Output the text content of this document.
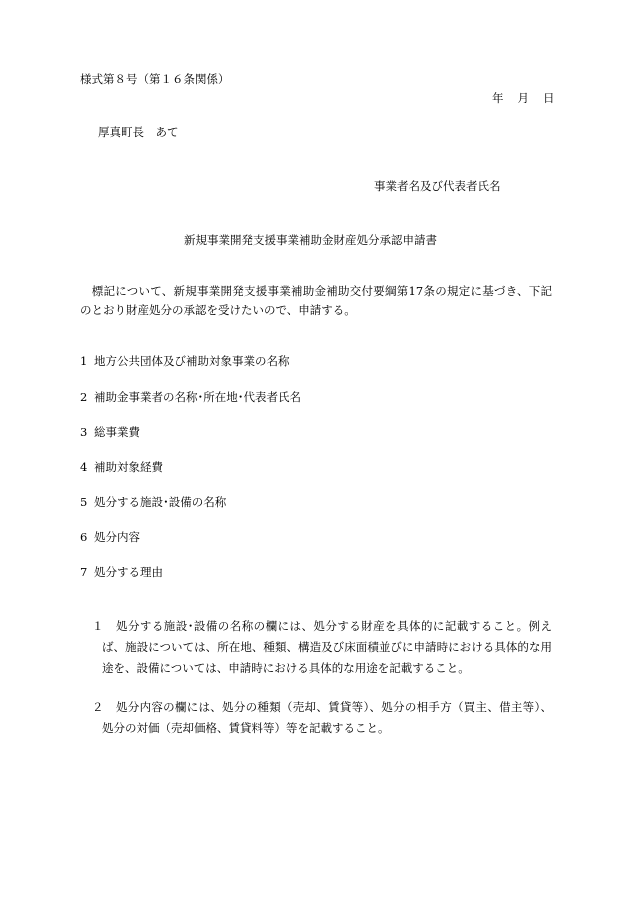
様式第８号（第１６条関係）
年 月 日
厚真町長　あて
事業者名及び代表者氏名
新規事業開発支援事業補助金財産処分承認申請書
　標記について、新規事業開発支援事業補助金補助交付要綱第17条の規定に基づき、下記のとおり財産処分の承認を受けたいので、申請する。
1 地方公共団体及び補助対象事業の名称
2 補助金事業者の名称･所在地･代表者氏名
3 総事業費
4 補助対象経費
5 処分する施設･設備の名称
6 処分内容
7 処分する理由
１	処分する施設･設備の名称の欄には、処分する財産を具体的に記載すること。例えば、施設については、所在地、種類、構造及び床面積並びに申請時における具体的な用途を、設備については、申請時における具体的な用途を記載すること。
２	処分内容の欄には、処分の種類（売却、賃貸等）、処分の相手方（買主、借主等）、処分の対価（売却価格、賃貸料等）等を記載すること。
